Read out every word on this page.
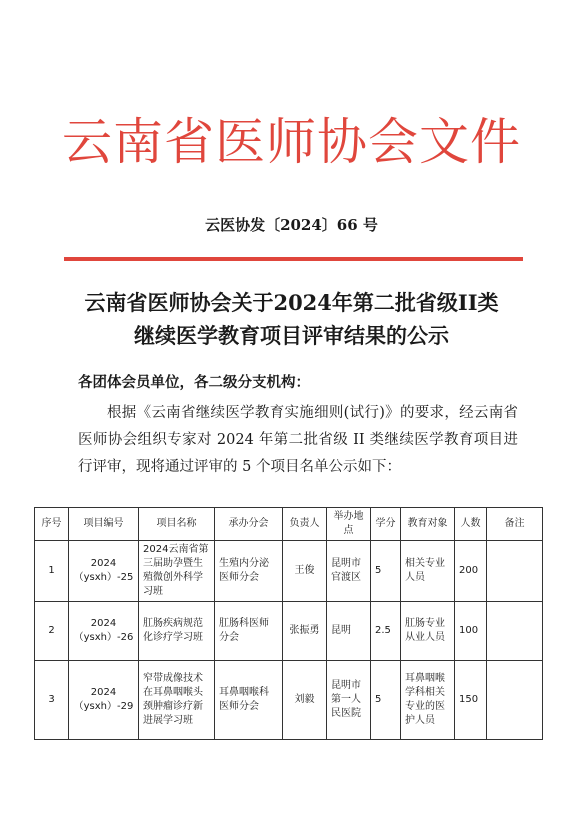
云南省医师协会文件
云医协发〔2024〕66 号
云南省医师协会关于2024年第二批省级II类
继续医学教育项目评审结果的公示
各团体会员单位，各二级分支机构：
根据《云南省继续医学教育实施细则(试行)》的要求，经云南省医师协会组织专家对 2024 年第二批省级 II 类继续医学教育项目进行评审，现将通过评审的 5 个项目名单公示如下：
序号	项目编号	项目名称	承办分会	负责人	举办地点	学分	教育对象	人数	备注
1	2024（ysxh）-25	2024云南省第三届助孕暨生殖微创外科学习班	生殖内分泌医师分会	王俊	昆明市官渡区	5	相关专业人员	200	
2	2024（ysxh）-26	肛肠疾病规范化诊疗学习班	肛肠科医师分会	张振勇	昆明	2.5	肛肠专业从业人员	100	
3	2024（ysxh）-29	窄带成像技术在耳鼻咽喉头颈肿瘤诊疗新进展学习班	耳鼻咽喉科医师分会	刘毅	昆明市第一人民医院	5	耳鼻咽喉学科相关专业的医护人员	150	
